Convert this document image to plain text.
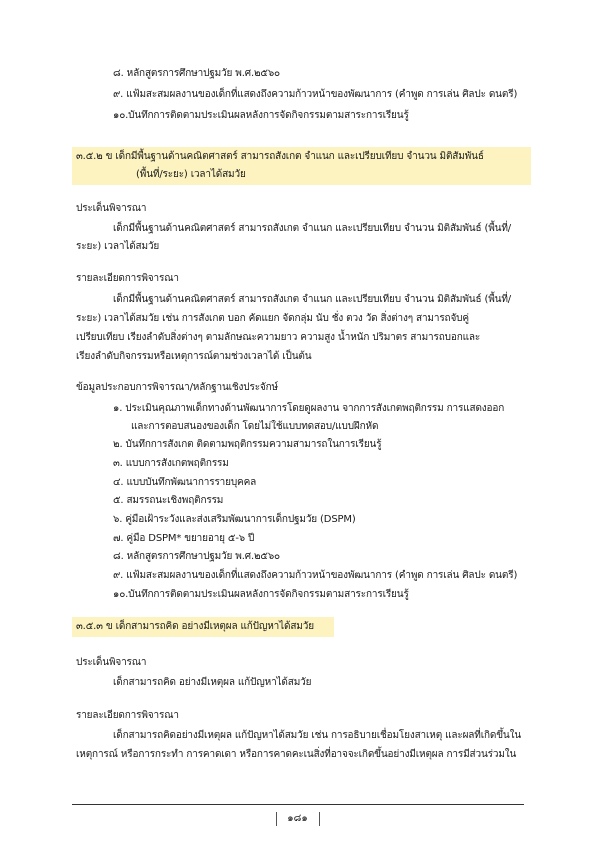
๘. หลักสูตรการศึกษาปฐมวัย พ.ศ.๒๕๖๐
๙. แฟ้มสะสมผลงานของเด็กที่แสดงถึงความก้าวหน้าของพัฒนาการ (คำพูด การเล่น ศิลปะ ดนตรี)
๑๐.บันทึกการติดตามประเมินผลหลังการจัดกิจกรรมตามสาระการเรียนรู้
๓.๕.๒ ข เด็กมีพื้นฐานด้านคณิตศาสตร์ สามารถสังเกต จำแนก และเปรียบเทียบ จำนวน มิติสัมพันธ์
(พื้นที่/ระยะ) เวลาได้สมวัย
ประเด็นพิจารณา
เด็กมีพื้นฐานด้านคณิตศาสตร์ สามารถสังเกต จำแนก และเปรียบเทียบ จำนวน มิติสัมพันธ์ (พื้นที่/
ระยะ) เวลาได้สมวัย
รายละเอียดการพิจารณา
เด็กมีพื้นฐานด้านคณิตศาสตร์ สามารถสังเกต จำแนก และเปรียบเทียบ จำนวน มิติสัมพันธ์ (พื้นที่/
ระยะ) เวลาได้สมวัย เช่น การสังเกต บอก คัดแยก จัดกลุ่ม นับ ชั่ง ตวง วัด สิ่งต่างๆ สามารถจับคู่
เปรียบเทียบ เรียงลำดับสิ่งต่างๆ ตามลักษณะความยาว ความสูง น้ำหนัก ปริมาตร สามารถบอกและ
เรียงลำดับกิจกรรมหรือเหตุการณ์ตามช่วงเวลาได้ เป็นต้น
ข้อมูลประกอบการพิจารณา/หลักฐานเชิงประจักษ์
๑. ประเมินคุณภาพเด็กทางด้านพัฒนาการโดยดูผลงาน จากการสังเกตพฤติกรรม การแสดงออก
และการตอบสนองของเด็ก โดยไม่ใช้แบบทดสอบ/แบบฝึกหัด
๒. บันทึกการสังเกต ติดตามพฤติกรรมความสามารถในการเรียนรู้
๓. แบบการสังเกตพฤติกรรม
๔. แบบบันทึกพัฒนาการรายบุคคล
๕. สมรรถนะเชิงพฤติกรรม
๖. คู่มือเฝ้าระวังและส่งเสริมพัฒนาการเด็กปฐมวัย (DSPM)
๗. คู่มือ DSPM* ขยายอายุ ๕-๖ ปี
๘. หลักสูตรการศึกษาปฐมวัย พ.ศ.๒๕๖๐
๙. แฟ้มสะสมผลงานของเด็กที่แสดงถึงความก้าวหน้าของพัฒนาการ (คำพูด การเล่น ศิลปะ ดนตรี)
๑๐.บันทึกการติดตามประเมินผลหลังการจัดกิจกรรมตามสาระการเรียนรู้
๓.๕.๓ ข เด็กสามารถคิด อย่างมีเหตุผล แก้ปัญหาได้สมวัย
ประเด็นพิจารณา
เด็กสามารถคิด อย่างมีเหตุผล แก้ปัญหาได้สมวัย
รายละเอียดการพิจารณา
เด็กสามารถคิดอย่างมีเหตุผล แก้ปัญหาได้สมวัย เช่น การอธิบายเชื่อมโยงสาเหตุ และผลที่เกิดขึ้นใน
เหตุการณ์ หรือการกระทำ การคาดเดา หรือการคาดคะเนสิ่งที่อาจจะเกิดขึ้นอย่างมีเหตุผล การมีส่วนร่วมใน
๑๘๑
